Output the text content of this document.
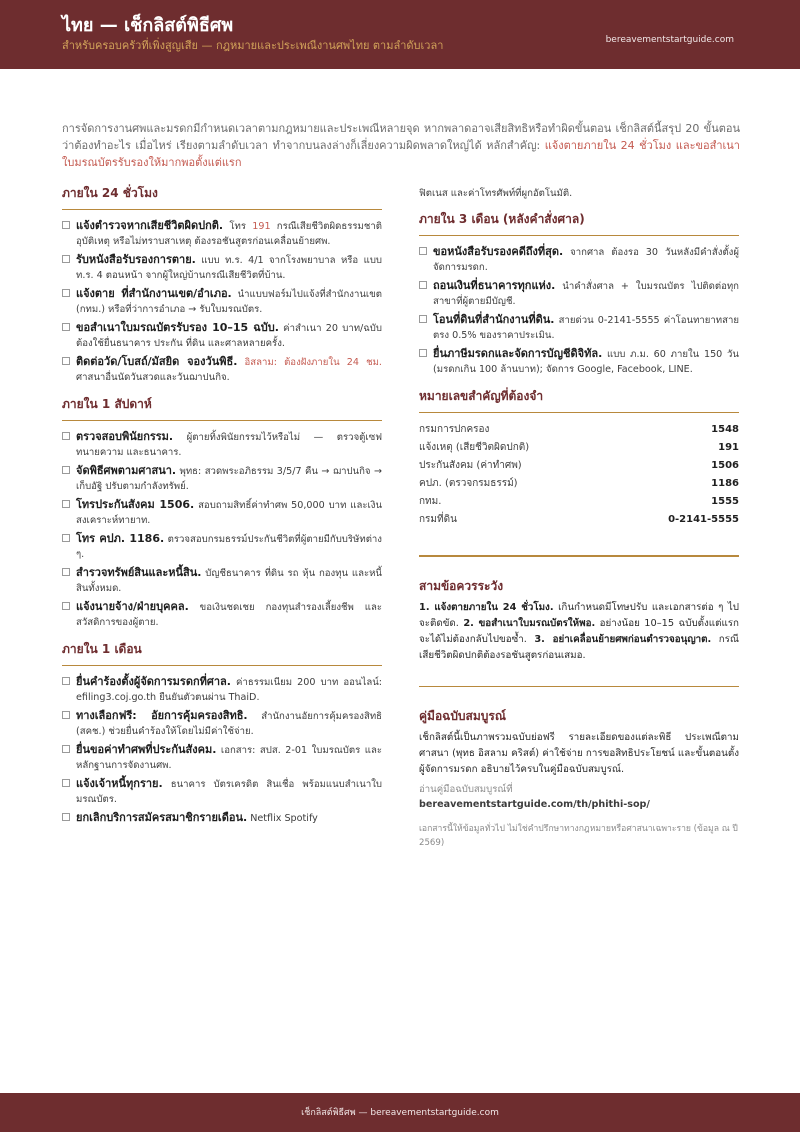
ไทย — เช็กลิสต์พิธีศพ
สำหรับครอบครัวที่เพิ่งสูญเสีย — กฎหมายและประเพณีงานศพไทย ตามลำดับเวลา	bereavementstartguide.com
การจัดการงานศพและมรดกมีกำหนดเวลาตามกฎหมายและประเพณีหลายจุด หากพลาดอาจเสียสิทธิหรือทำผิดขั้นตอน เช็กลิสต์นี้สรุป 20 ขั้นตอนว่าต้องทำอะไร เมื่อไหร่ เรียงตามลำดับเวลา ทำจากบนลงล่างก็เลี่ยงความผิดพลาดใหญ่ได้ หลักสำคัญ: แจ้งตายภายใน 24 ชั่วโมง และขอสำเนาใบมรณบัตรรับรองให้มากพอตั้งแต่แรก
ภายใน 24 ชั่วโมง
แจ้งตำรวจหากเสียชีวิตผิดปกติ. โทร 191 กรณีเสียชีวิตผิดธรรมชาติ อุบัติเหตุ หรือไม่ทราบสาเหตุ ต้องรอชันสูตรก่อนเคลื่อนย้ายศพ.
รับหนังสือรับรองการตาย. แบบ ท.ร. 4/1 จากโรงพยาบาล หรือ แบบ ท.ร. 4 ตอนหน้า จากผู้ใหญ่บ้านกรณีเสียชีวิตที่บ้าน.
แจ้งตาย ที่สำนักงานเขต/อำเภอ. นำแบบฟอร์มไปแจ้งที่สำนักงานเขต (กทม.) หรือที่ว่าการอำเภอ → รับใบมรณบัตร.
ขอสำเนาใบมรณบัตรรับรอง 10–15 ฉบับ. ค่าสำเนา 20 บาท/ฉบับ ต้องใช้ยื่นธนาคาร ประกัน ที่ดิน และศาลหลายครั้ง.
ติดต่อวัด/โบสถ์/มัสยิด จองวันพิธี. อิสลาม: ต้องฝังภายใน 24 ชม. ศาสนาอื่นนัดวันสวดและวันฌาปนกิจ.
ภายใน 1 สัปดาห์
ตรวจสอบพินัยกรรม. ผู้ตายทิ้งพินัยกรรมไว้หรือไม่ — ตรวจตู้เซฟ ทนายความ และธนาคาร.
จัดพิธีศพตามศาสนา. พุทธ: สวดพระอภิธรรม 3/5/7 คืน → ฌาปนกิจ → เก็บอัฐิ ปรับตามกำลังทรัพย์.
โทรประกันสังคม 1506. สอบถามสิทธิ์ค่าทำศพ 50,000 บาท และเงินสงเคราะห์ทายาท.
โทร คปภ. 1186. ตรวจสอบกรมธรรม์ประกันชีวิตที่ผู้ตายมีกับบริษัทต่าง ๆ.
สำรวจทรัพย์สินและหนี้สิน. บัญชีธนาคาร ที่ดิน รถ หุ้น กองทุน และหนี้สินทั้งหมด.
แจ้งนายจ้าง/ฝ่ายบุคคล. ขอเงินชดเชย กองทุนสำรองเลี้ยงชีพ และสวัสดิการของผู้ตาย.
ภายใน 1 เดือน
ยื่นคำร้องตั้งผู้จัดการมรดกที่ศาล. ค่าธรรมเนียม 200 บาท ออนไลน์: efiling3.coj.go.th ยืนยันตัวตนผ่าน ThaiD.
ทางเลือกฟรี: อัยการคุ้มครองสิทธิ. สำนักงานอัยการคุ้มครองสิทธิ (สคช.) ช่วยยื่นคำร้องให้โดยไม่มีค่าใช้จ่าย.
ยื่นขอค่าทำศพที่ประกันสังคม. เอกสาร: สปส. 2-01 ใบมรณบัตร และหลักฐานการจัดงานศพ.
แจ้งเจ้าหนี้ทุกราย. ธนาคาร บัตรเครดิต สินเชื่อ พร้อมแนบสำเนาใบมรณบัตร.
ยกเลิกบริการสมัครสมาชิกรายเดือน. Netflix Spotify
ฟิตเนส และค่าโทรศัพท์ที่ผูกอัตโนมัติ.
ภายใน 3 เดือน (หลังคำสั่งศาล)
ขอหนังสือรับรองคดีถึงที่สุด. จากศาล ต้องรอ 30 วันหลังมีคำสั่งตั้งผู้จัดการมรดก.
ถอนเงินที่ธนาคารทุกแห่ง. นำคำสั่งศาล + ใบมรณบัตร ไปติดต่อทุกสาขาที่ผู้ตายมีบัญชี.
โอนที่ดินที่สำนักงานที่ดิน. สายด่วน 0-2141-5555 ค่าโอนทายาทสายตรง 0.5% ของราคาประเมิน.
ยื่นภาษีมรดกและจัดการบัญชีดิจิทัล. แบบ ภ.ม. 60 ภายใน 150 วัน (มรดกเกิน 100 ล้านบาท); จัดการ Google, Facebook, LINE.
หมายเลขสำคัญที่ต้องจำ
กรมการปกครอง	1548
แจ้งเหตุ (เสียชีวิตผิดปกติ)	191
ประกันสังคม (ค่าทำศพ)	1506
คปภ. (ตรวจกรมธรรม์)	1186
กทม.	1555
กรมที่ดิน	0-2141-5555
สามข้อควรระวัง
1. แจ้งตายภายใน 24 ชั่วโมง. เกินกำหนดมีโทษปรับ และเอกสารต่อ ๆ ไปจะติดขัด. 2. ขอสำเนาใบมรณบัตรให้พอ. อย่างน้อย 10–15 ฉบับตั้งแต่แรก จะได้ไม่ต้องกลับไปขอซ้ำ. 3. อย่าเคลื่อนย้ายศพก่อนตำรวจอนุญาต. กรณีเสียชีวิตผิดปกติต้องรอชันสูตรก่อนเสมอ.
คู่มือฉบับสมบูรณ์
เช็กลิสต์นี้เป็นภาพรวมฉบับย่อฟรี รายละเอียดของแต่ละพิธี ประเพณีตามศาสนา (พุทธ อิสลาม คริสต์) ค่าใช้จ่าย การขอสิทธิประโยชน์ และขั้นตอนตั้งผู้จัดการมรดก อธิบายไว้ครบในคู่มือฉบับสมบูรณ์.
อ่านคู่มือฉบับสมบูรณ์ที่
bereavementstartguide.com/th/phithi-sop/
เอกสารนี้ให้ข้อมูลทั่วไป ไม่ใช่คำปรึกษาทางกฎหมายหรือศาสนาเฉพาะราย (ข้อมูล ณ ปี 2569)
เช็กลิสต์พิธีศพ — bereavementstartguide.com
